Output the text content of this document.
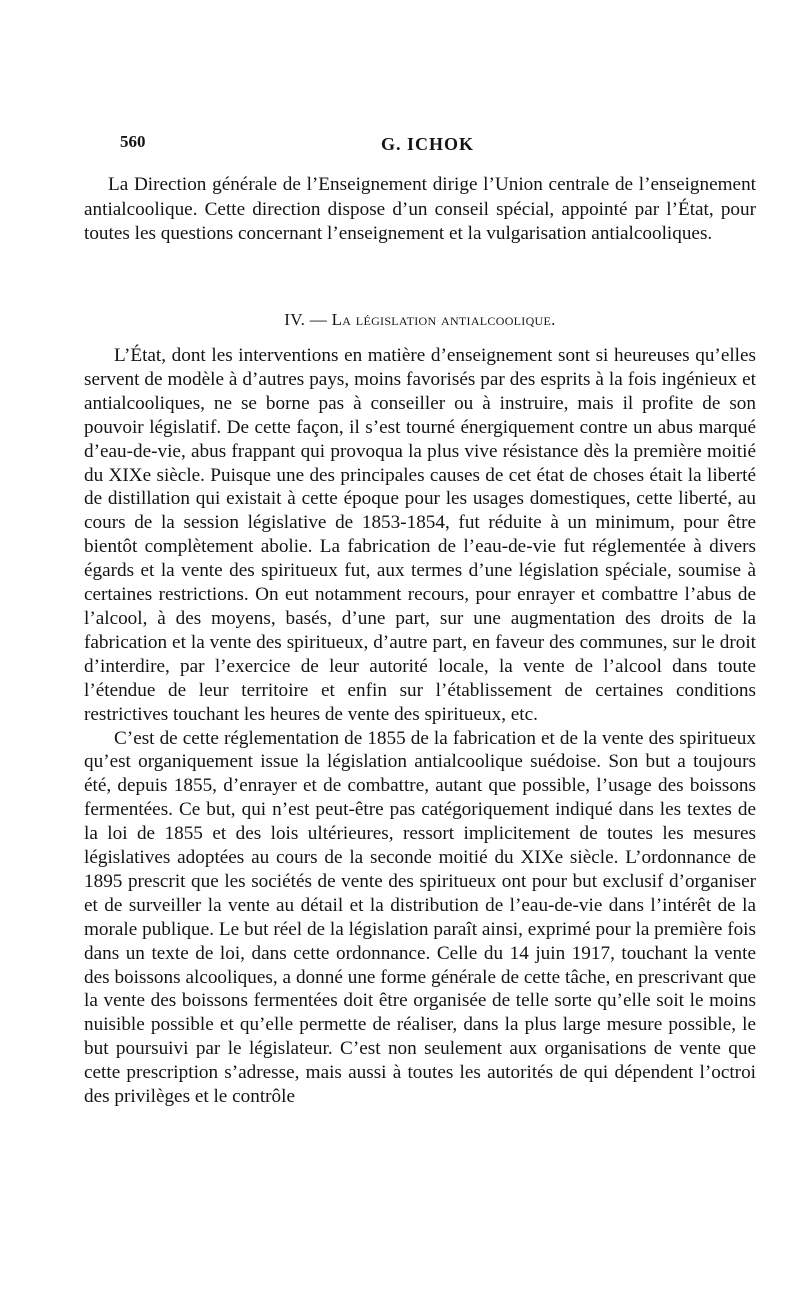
560	G. ICHOK

La Direction générale de l’Enseignement dirige l’Union centrale de l’enseignement antialcoolique. Cette direction dispose d’un conseil spécial, appointé par l’État, pour toutes les questions concernant l’enseignement et la vulgarisation antialcooliques.

IV. — La législation antialcoolique.

L’État, dont les interventions en matière d’enseignement sont si heureuses qu’elles servent de modèle à d’autres pays, moins favorisés par des esprits à la fois ingénieux et antialcooliques, ne se borne pas à conseiller ou à instruire, mais il profite de son pouvoir législatif. De cette façon, il s’est tourné énergiquement contre un abus marqué d’eau-de-vie, abus frappant qui provoqua la plus vive résistance dès la première moitié du XIXe siècle. Puisque une des principales causes de cet état de choses était la liberté de distillation qui existait à cette époque pour les usages domestiques, cette liberté, au cours de la session législative de 1853-1854, fut réduite à un minimum, pour être bientôt complètement abolie. La fabrication de l’eau-de-vie fut réglementée à divers égards et la vente des spiritueux fut, aux termes d’une législation spéciale, soumise à certaines restrictions. On eut notamment recours, pour enrayer et combattre l’abus de l’alcool, à des moyens, basés, d’une part, sur une augmentation des droits de la fabrication et la vente des spiritueux, d’autre part, en faveur des communes, sur le droit d’interdire, par l’exercice de leur autorité locale, la vente de l’alcool dans toute l’étendue de leur territoire et enfin sur l’établissement de certaines conditions restrictives touchant les heures de vente des spiritueux, etc.

C’est de cette réglementation de 1855 de la fabrication et de la vente des spiritueux qu’est organiquement issue la législation antialcoolique suédoise. Son but a toujours été, depuis 1855, d’enrayer et de combattre, autant que possible, l’usage des boissons fermentées. Ce but, qui n’est peut-être pas catégoriquement indiqué dans les textes de la loi de 1855 et des lois ultérieures, ressort implicitement de toutes les mesures législatives adoptées au cours de la seconde moitié du XIXe siècle. L’ordonnance de 1895 prescrit que les sociétés de vente des spiritueux ont pour but exclusif d’organiser et de surveiller la vente au détail et la distribution de l’eau-de-vie dans l’intérêt de la morale publique. Le but réel de la législation paraît ainsi, exprimé pour la première fois dans un texte de loi, dans cette ordonnance. Celle du 14 juin 1917, touchant la vente des boissons alcooliques, a donné une forme générale de cette tâche, en prescrivant que la vente des boissons fermentées doit être organisée de telle sorte qu’elle soit le moins nuisible possible et qu’elle permette de réaliser, dans la plus large mesure possible, le but poursuivi par le législateur. C’est non seulement aux organisations de vente que cette prescription s’adresse, mais aussi à toutes les autorités de qui dépendent l’octroi des privilèges et le contrôle
